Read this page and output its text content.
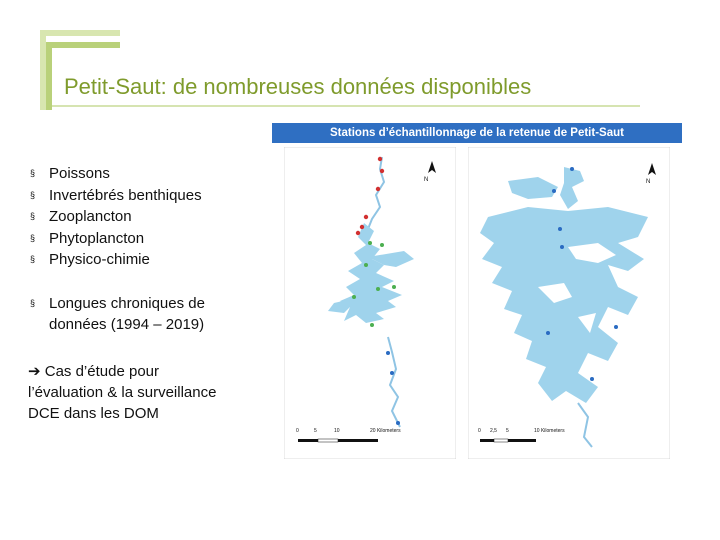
Petit-Saut: de nombreuses données disponibles
§ Poissons
§ Invertébrés benthiques
§ Zooplancton
§ Phytoplancton
§ Physico-chimie
§ Longues chroniques de
données (1994 – 2019)
➔ Cas d’étude pour
l’évaluation & la surveillance
DCE dans les DOM
Stations d’échantillonnage de la retenue de Petit-Saut
N
0	5	10	20 Kilometers
N
0	2,5	5	10 Kilometers
